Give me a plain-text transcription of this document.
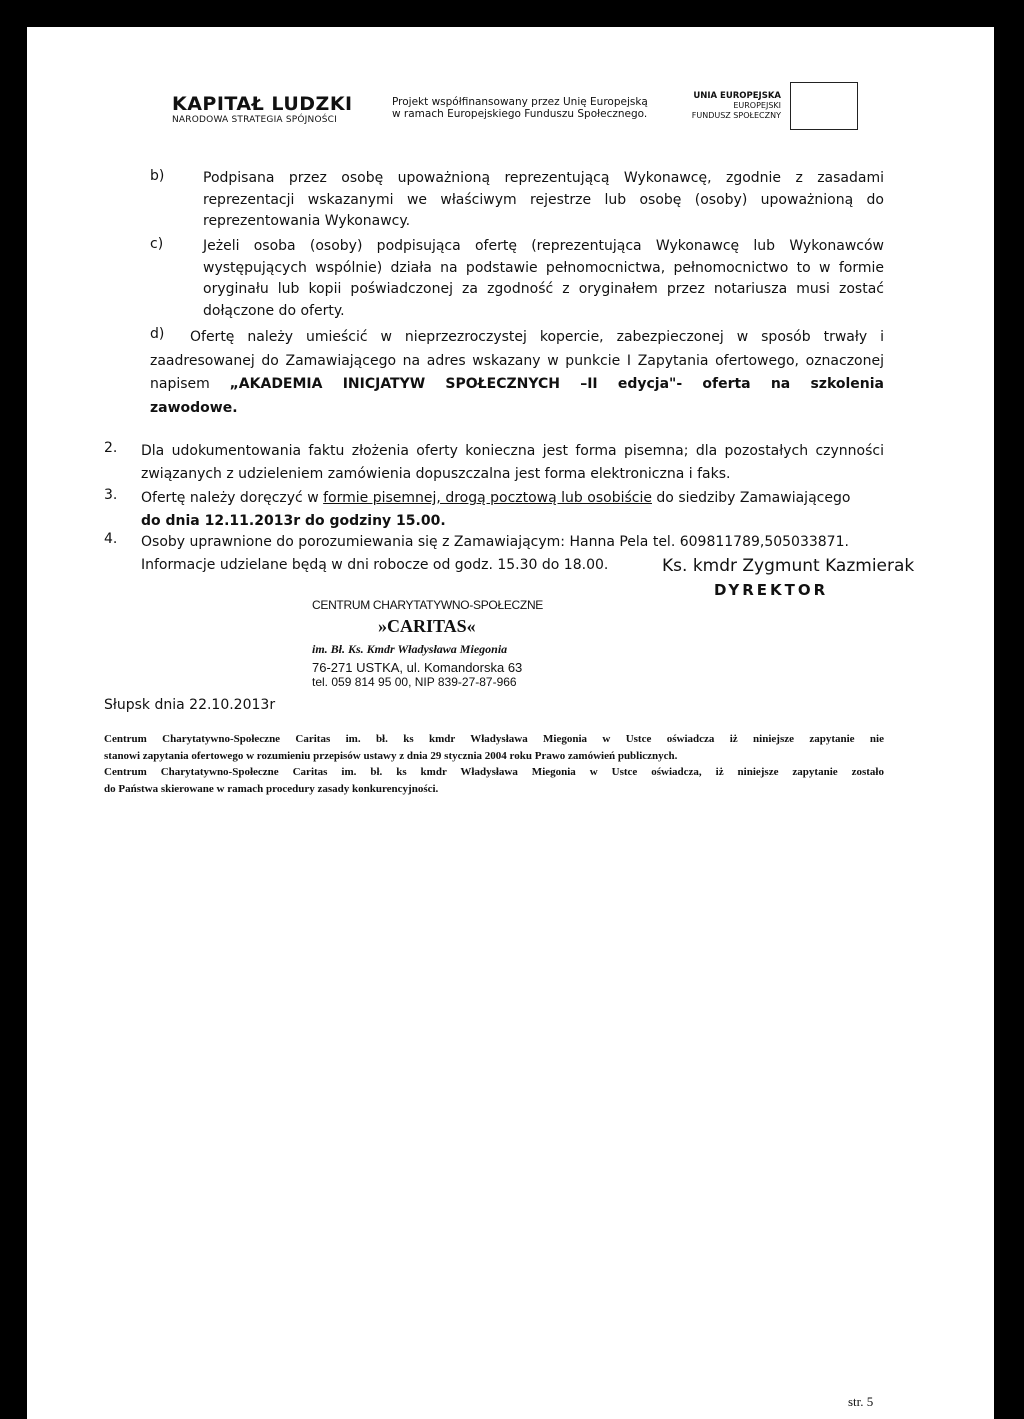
KAPITAŁ LUDZKI
NARODOWA STRATEGIA SPÓJNOŚCI
Projekt współfinansowany przez Unię Europejską
w ramach Europejskiego Funduszu Społecznego.
UNIA EUROPEJSKA
EUROPEJSKI
FUNDUSZ SPOŁECZNY
b)	Podpisana przez osobę upoważnioną reprezentującą Wykonawcę, zgodnie z zasadami
reprezentacji wskazanymi we właściwym rejestrze lub osobę (osoby) upoważnioną do
reprezentowania Wykonawcy.
c)	Jeżeli osoba (osoby) podpisująca ofertę (reprezentująca Wykonawcę lub Wykonawców
występujących wspólnie) działa na podstawie pełnomocnictwa, pełnomocnictwo to w formie
oryginału lub kopii poświadczonej za zgodność z oryginałem przez notariusza musi zostać
dołączone do oferty.
d)	Ofertę należy umieścić w nieprzezroczystej kopercie, zabezpieczonej w sposób trwały i
zaadresowanej do Zamawiającego na adres wskazany w punkcie I Zapytania ofertowego, oznaczonej
napisem „AKADEMIA INICJATYW SPOŁECZNYCH –II edycja"- oferta na szkolenia
zawodowe.
2. Dla udokumentowania faktu złożenia oferty konieczna jest forma pisemna; dla pozostałych czynności
związanych z udzieleniem zamówienia dopuszczalna jest forma elektroniczna i faks.
3. Ofertę należy doręczyć w formie pisemnej, drogą pocztową lub osobiście do siedziby Zamawiającego
do dnia 12.11.2013r do godziny 15.00.
4. Osoby uprawnione do porozumiewania się z Zamawiającym: Hanna Pela tel. 609811789,505033871.
Informacje udzielane będą w dni robocze od godz. 15.30 do 18.00.	Ks. kmdr Zygmunt Kazmierak
DYREKTOR
CENTRUM CHARYTATYWNO-SPOŁECZNE
»CARITAS«
im. Bł. Ks. Kmdr Władysława Miegonia
76-271 USTKA, ul. Komandorska 63
tel. 059 814 95 00, NIP 839-27-87-966
Słupsk dnia 22.10.2013r
Centrum Charytatywno-Społeczne Caritas im. bł. ks kmdr Władysława Miegonia w Ustce oświadcza iż niniejsze zapytanie nie
stanowi zapytania ofertowego w rozumieniu przepisów ustawy z dnia 29 stycznia 2004 roku Prawo zamówień publicznych.
Centrum Charytatywno-Społeczne Caritas im. bł. ks kmdr Władysława Miegonia w Ustce oświadcza, iż niniejsze zapytanie zostało
do Państwa skierowane w ramach procedury zasady konkurencyjności.
str. 5
